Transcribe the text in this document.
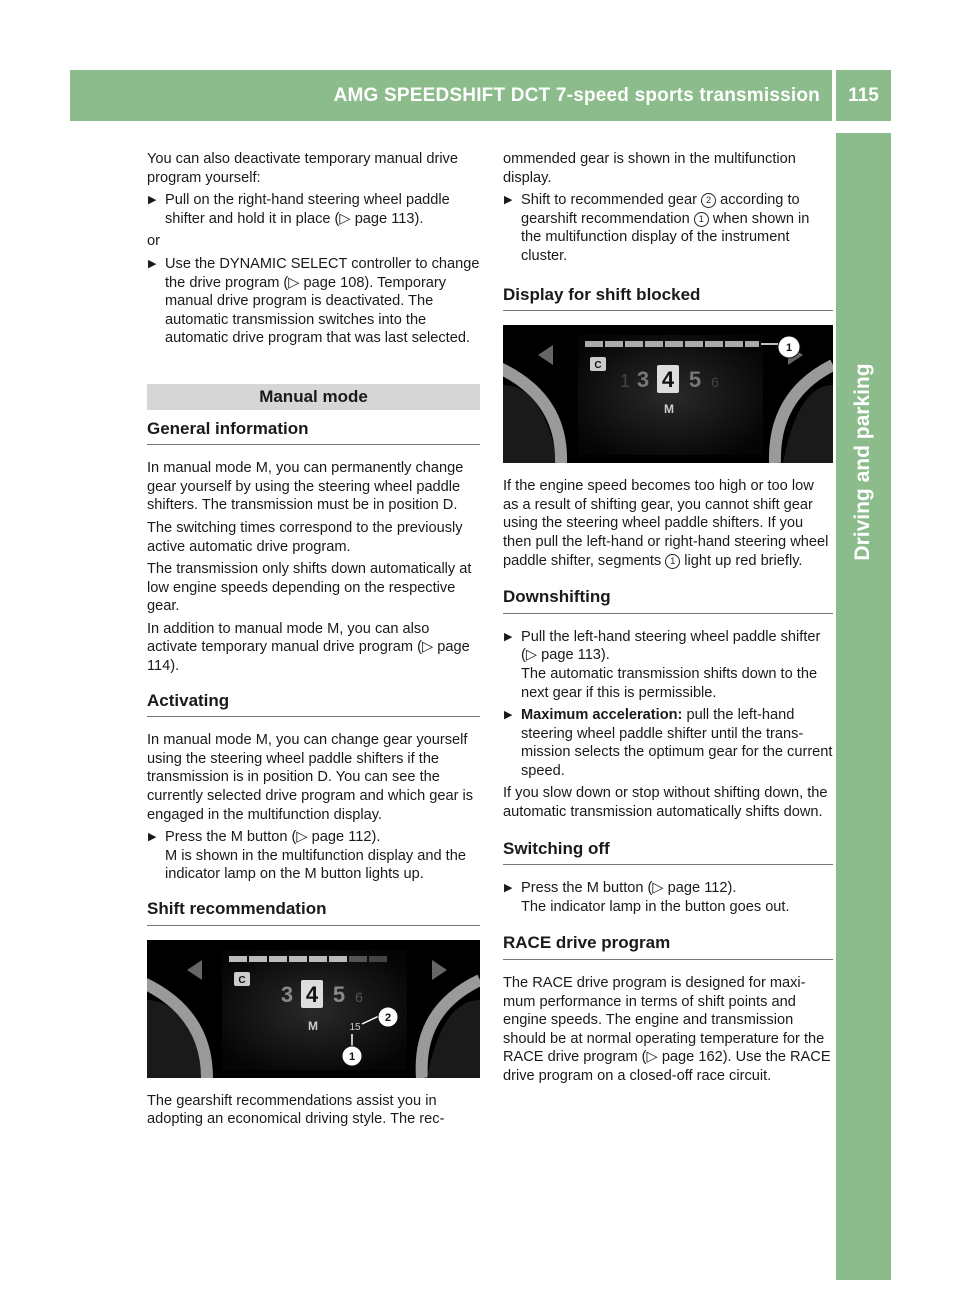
AMG SPEEDSHIFT DCT 7-speed sports transmission	115
Driving and parking

You can also deactivate temporary manual drive program yourself:

▶ Pull on the right-hand steering wheel paddle shifter and hold it in place (▷ page 113).

or

▶ Use the DYNAMIC SELECT controller to change the drive program (▷ page 108). Temporary manual drive program is deactivated. The automatic transmission switches into the automatic drive program that was last selected.
Manual mode
General information

In manual mode M, you can permanently change gear yourself by using the steering wheel paddle shifters. The transmission must be in position D.

The switching times correspond to the previously active automatic drive program.

The transmission only shifts down automatically at low engine speeds depending on the respective gear.

In addition to manual mode M, you can also activate temporary manual drive program (▷ page 114).

Activating

In manual mode M, you can change gear yourself using the steering wheel paddle shifters if the transmission is in position D. You can see the currently selected drive program and which gear is engaged in the multifunction display.

▶ Press the M button (▷ page 112).
M is shown in the multifunction display and the indicator lamp on the M button lights up.
Shift recommendation
C
3 4 5 6
M	15
2
1

The gearshift recommendations assist you in adopting an economical driving style. The rec-

ommended gear is shown in the multifunction display.

▶ Shift to recommended gear 2 according to gearshift recommendation 1 when shown in the multifunction display of the instrument cluster.
Display for shift blocked
1
C
1 3 4 5 6
M

If the engine speed becomes too high or too low as a result of shifting gear, you cannot shift gear using the steering wheel paddle shifters. If you then pull the left-hand or right-hand steering wheel paddle shifter, segments 1 light up red briefly.

Downshifting
▶ Pull the left-hand steering wheel paddle shifter (▷ page 113).
The automatic transmission shifts down to the next gear if this is permissible.
▶ Maximum acceleration: pull the left-hand steering wheel paddle shifter until the transmission selects the optimum gear for the current speed.

If you slow down or stop without shifting down, the automatic transmission automatically shifts down.

Switching off
▶ Press the M button (▷ page 112).
The indicator lamp in the button goes out.
RACE drive program

The RACE drive program is designed for maximum performance in terms of shift points and engine speeds. The engine and transmission should be at normal operating temperature for the RACE drive program (▷ page 162). Use the RACE drive program on a closed-off race circuit.
